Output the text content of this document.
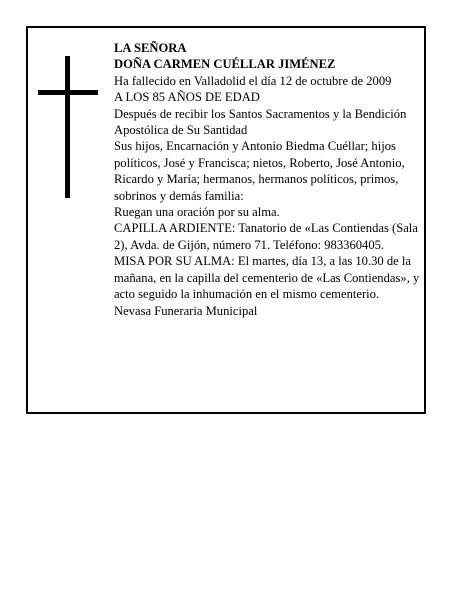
LA SEÑORA

DOÑA CARMEN CUÉLLAR JIMÉNEZ

Ha fallecido en Valladolid el día 12 de octubre de 2009

A LOS 85 AÑOS DE EDAD

Después de recibir los Santos Sacramentos y la Bendición Apostólica de Su Santidad

Sus hijos, Encarnación y Antonio Biedma Cuéllar; hijos políticos, José y Francisca; nietos, Roberto, José Antonio, Ricardo y María; hermanos, hermanos políticos, primos, sobrinos y demás familia:

Ruegan una oración por su alma.

CAPILLA ARDIENTE: Tanatorio de «Las Contiendas (Sala 2), Avda. de Gijón, número 71. Teléfono: 983360405.

MISA POR SU ALMA: El martes, día 13, a las 10.30 de la mañana, en la capilla del cementerio de «Las Contiendas», y acto seguido la inhumación en el mismo cementerio.

Nevasa Funeraria Municipal
